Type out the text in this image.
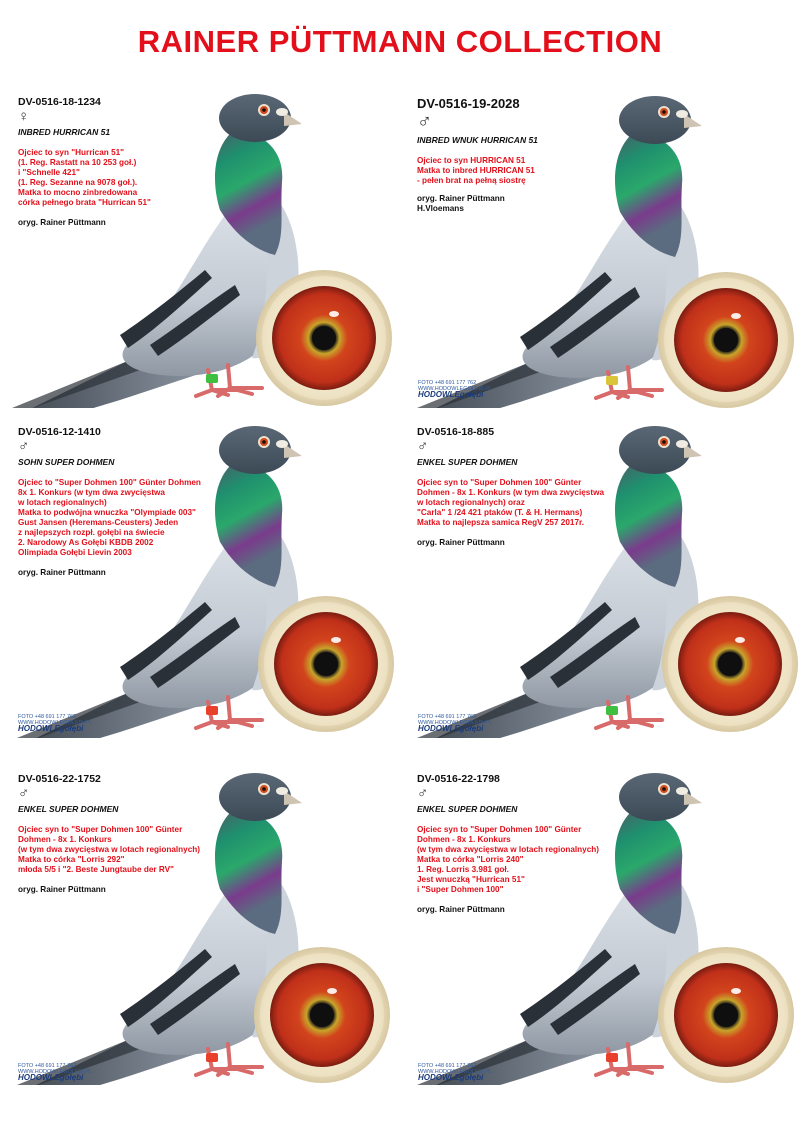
RAINER PÜTTMANN COLLECTION
DV-0516-18-1234
♀
INBRED HURRICAN 51
Ojciec to syn "Hurrican 51"
(1. Reg. Rastatt na 10 253 goł.)
i "Schnelle 421"
(1. Reg. Sezanne na 9078 goł.).
Matka to mocno zinbredowana
córka pełnego brata "Hurrican 51"
oryg. Rainer Püttmann
FOTO +48 691 177 762
WWW.HODOWLEGOLEBI.PL
HODOWLEgołębi
DV-0516-19-2028
♂
INBRED WNUK HURRICAN 51
Ojciec to syn HURRICAN 51
Matka to inbred HURRICAN 51
- pełen brat na pełną siostrę
oryg. Rainer Püttmann
H.Vloemans
FOTO +48 691 177 762
WWW.HODOWLEGOLEBI.PL
HODOWLEgołębi
DV-0516-12-1410
♂
SOHN SUPER DOHMEN
Ojciec to "Super Dohmen 100" Günter Dohmen
8x 1. Konkurs (w tym dwa zwycięstwa
w lotach regionalnych)
Matka to podwójna wnuczka "Olympiade 003"
Gust Jansen (Heremans-Ceusters) Jeden
z najlepszych rozpł. gołębi na świecie
2. Narodowy As Gołębi KBDB 2002
Olimpiada Gołębi Lievin 2003
oryg. Rainer Püttmann
FOTO +48 691 177 762
WWW.HODOWLEGOLEBI.PL
HODOWLEgołębi
DV-0516-18-885
♂
ENKEL SUPER DOHMEN
Ojciec syn to "Super Dohmen 100" Günter
Dohmen - 8x 1. Konkurs (w tym dwa zwycięstwa
w lotach regionalnych) oraz
"Carla" 1 /24 421 ptaków (T. & H. Hermans)
Matka to najlepsza samica RegV 257 2017r.
oryg. Rainer Püttmann
FOTO +48 691 177 762
WWW.HODOWLEGOLEBI.PL
HODOWLEgołębi
DV-0516-22-1752
♂
ENKEL SUPER DOHMEN
Ojciec syn to "Super Dohmen 100" Günter
Dohmen - 8x 1. Konkurs
(w tym dwa zwycięstwa w lotach regionalnych)
Matka to córka "Lorris 292"
młoda 5/5 i "2. Beste Jungtaube der RV"
oryg. Rainer Püttmann
FOTO +48 691 177 762
WWW.HODOWLEGOLEBI.PL
HODOWLEgołębi
DV-0516-22-1798
♂
ENKEL SUPER DOHMEN
Ojciec syn to "Super Dohmen 100" Günter
Dohmen - 8x 1. Konkurs
(w tym dwa zwycięstwa w lotach regionalnych)
Matka to córka "Lorris 240"
1. Reg. Lorris 3.981 goł.
Jest wnuczką "Hurrican 51"
i "Super Dohmen 100"
oryg. Rainer Püttmann
